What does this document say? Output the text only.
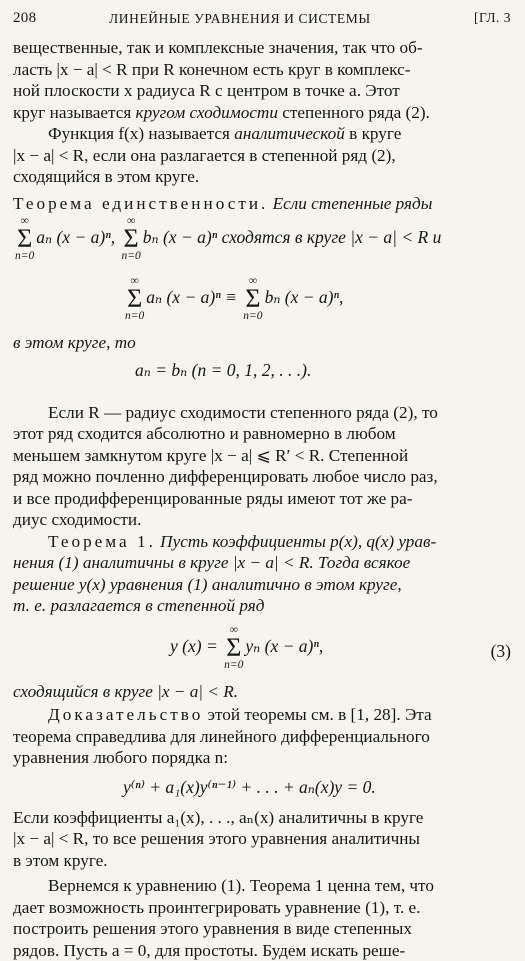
208	ЛИНЕЙНЫЕ УРАВНЕНИЯ И СИСТЕМЫ	[ГЛ. 3

вещественные, так и комплексные значения, так что об-

ласть |x − a| < R при R конечном есть круг в комплекс-

ной плоскости x радиуса R с центром в точке a. Этот

круг называется кругом сходимости степенного ряда (2).

Функция f(x) называется аналитической в круге

|x − a| < R, если она разлагается в степенной ряд (2),

сходящийся в этом круге.

Теорема единственности. Если степенные ряды

∞
Σ
n=0
aₙ (x − a)ⁿ,
∞
Σ
n=0
bₙ (x − a)ⁿ сходятся в круге |x − a| < R и
∞
Σ
n=0
aₙ (x − a)ⁿ ≡
∞
Σ
n=0
bₙ (x − a)ⁿ,

в этом круге, то

aₙ = bₙ (n = 0, 1, 2, . . .).

Если R — радиус сходимости степенного ряда (2), то

этот ряд сходится абсолютно и равномерно в любом

меньшем замкнутом круге |x − a| ⩽ R′ < R. Степенной

ряд можно почленно дифференцировать любое число раз,

и все продифференцированные ряды имеют тот же ра-

диус сходимости.

Теорема 1. Пусть коэффициенты p(x), q(x) урав-

нения (1) аналитичны в круге |x − a| < R. Тогда всякое

решение y(x) уравнения (1) аналитично в этом круге,

т. е. разлагается в степенной ряд

y (x) =
∞
Σ
n=0
yₙ (x − a)ⁿ,	(3)

сходящийся в круге |x − a| < R.

Доказательство этой теоремы см. в [1, 28]. Эта

теорема справедлива для линейного дифференциального

уравнения любого порядка n:

y⁽ⁿ⁾ + a₁(x)y⁽ⁿ⁻¹⁾ + . . . + aₙ(x)y = 0.

Если коэффициенты a₁(x), . . ., aₙ(x) аналитичны в круге

|x − a| < R, то все решения этого уравнения аналитичны

в этом круге.

Вернемся к уравнению (1). Теорема 1 ценна тем, что

дает возможность проинтегрировать уравнение (1), т. е.

построить решения этого уравнения в виде степенных

рядов. Пусть a = 0, для простоты. Будем искать реше-
